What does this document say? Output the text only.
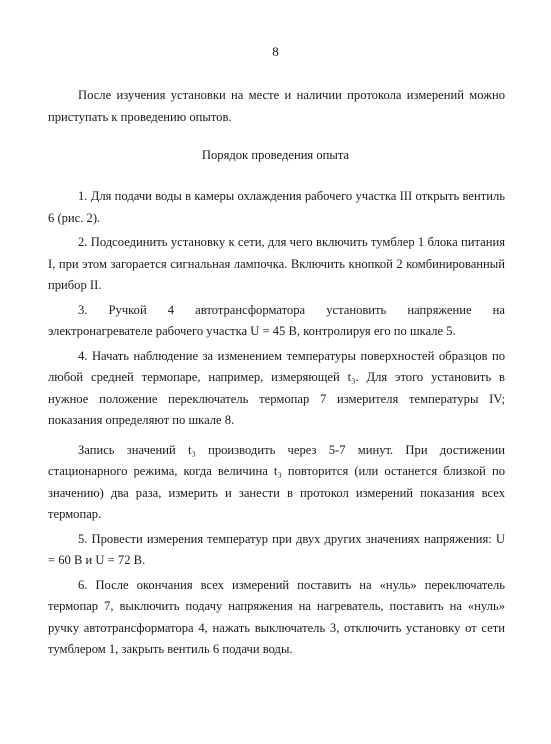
8

После изучения установки на месте и наличии протокола измерений можно приступать к проведению опытов.

Порядок проведения опыта

1. Для подачи воды в камеры охлаждения рабочего участка III открыть вентиль 6 (рис. 2).

2. Подсоединить установку к сети, для чего включить тумблер 1 блока питания I, при этом загорается сигнальная лампочка. Включить кнопкой 2 комбинированный прибор II.

3. Ручкой 4 автотрансформатора установить напряжение на электронагревателе рабочего участка U = 45 В, контролируя его по шкале 5.

4. Начать наблюдение за изменением температуры поверхностей образцов по любой средней термопаре, например, измеряющей t₃. Для этого установить в нужное положение переключатель термопар 7 измерителя температуры IV; показания определяют по шкале 8.

Запись значений t₃ производить через 5-7 минут. При достижении стационарного режима, когда величина t₃ повторится (или останется близкой по значению) два раза, измерить и занести в протокол измерений показания всех термопар.

5. Провести измерения температур при двух других значениях напряжения: U = 60 В и U = 72 В.

6. После окончания всех измерений поставить на «нуль» переключатель термопар 7, выключить подачу напряжения на нагреватель, поставить на «нуль» ручку автотрансформатора 4, нажать выключатель 3, отключить установку от сети тумблером 1, закрыть вентиль 6 подачи воды.
